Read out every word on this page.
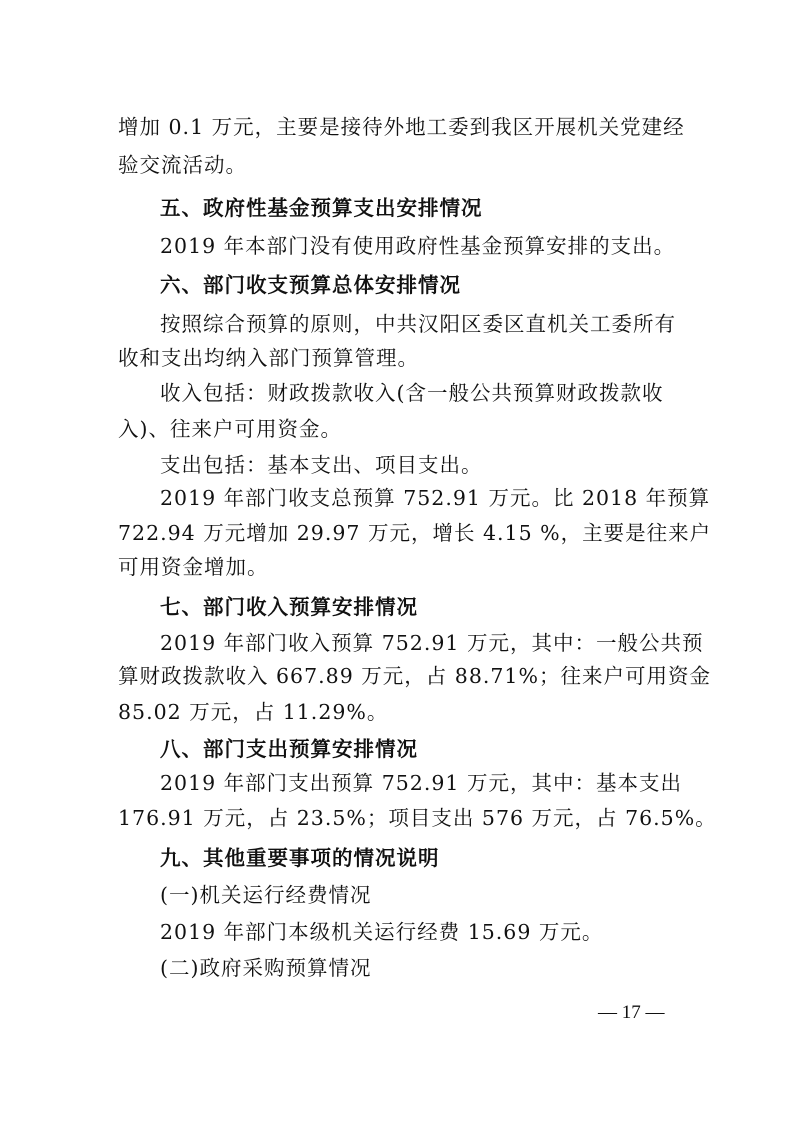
增加 0.1 万元，主要是接待外地工委到我区开展机关党建经
验交流活动。
五、政府性基金预算支出安排情况
2019 年本部门没有使用政府性基金预算安排的支出。
六、部门收支预算总体安排情况
按照综合预算的原则，中共汉阳区委区直机关工委所有
收和支出均纳入部门预算管理。
收入包括：财政拨款收入(含一般公共预算财政拨款收
入)、往来户可用资金。
支出包括：基本支出、项目支出。
2019 年部门收支总预算 752.91 万元。比 2018 年预算
722.94 万元增加 29.97 万元，增长 4.15 %，主要是往来户
可用资金增加。
七、部门收入预算安排情况
2019 年部门收入预算 752.91 万元，其中：一般公共预
算财政拨款收入 667.89 万元，占 88.71%；往来户可用资金
85.02 万元，占 11.29%。
八、部门支出预算安排情况
2019 年部门支出预算 752.91 万元，其中：基本支出
176.91 万元，占 23.5%；项目支出 576 万元，占 76.5%。
九、其他重要事项的情况说明
(一)机关运行经费情况
2019 年部门本级机关运行经费 15.69 万元。
(二)政府采购预算情况
— 17 —
